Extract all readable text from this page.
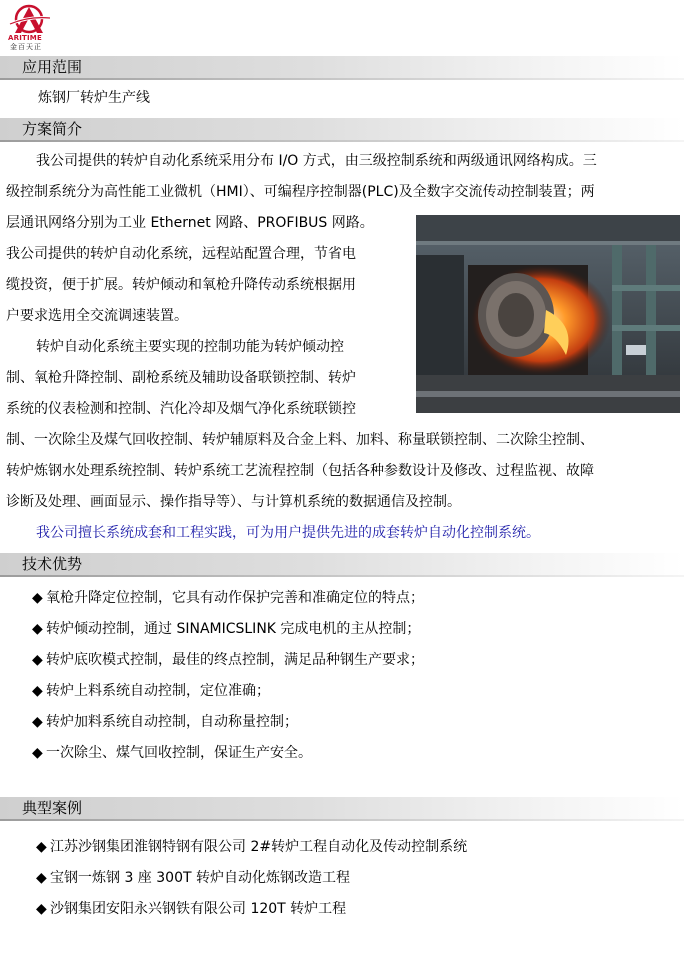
ARITIME
金百天正
应用范围
炼钢厂转炉生产线
方案简介
我公司提供的转炉自动化系统采用分布 I/O 方式，由三级控制系统和两级通讯网络构成。三
级控制系统分为高性能工业微机（HMI）、可编程序控制器(PLC)及全数字交流传动控制装置；两
层通讯网络分别为工业 Ethernet 网路、PROFIBUS 网路。
我公司提供的转炉自动化系统，远程站配置合理，节省电
缆投资，便于扩展。转炉倾动和氧枪升降传动系统根据用
户要求选用全交流调速装置。
转炉自动化系统主要实现的控制功能为转炉倾动控
制、氧枪升降控制、副枪系统及辅助设备联锁控制、转炉
系统的仪表检测和控制、汽化冷却及烟气净化系统联锁控
制、一次除尘及煤气回收控制、转炉辅原料及合金上料、加料、称量联锁控制、二次除尘控制、
转炉炼钢水处理系统控制、转炉系统工艺流程控制（包括各种参数设计及修改、过程监视、故障
诊断及处理、画面显示、操作指导等）、与计算机系统的数据通信及控制。
我公司擅长系统成套和工程实践，可为用户提供先进的成套转炉自动化控制系统。
技术优势
◆ 氧枪升降定位控制，它具有动作保护完善和准确定位的特点；
◆ 转炉倾动控制，通过 SINAMICSLINK 完成电机的主从控制；
◆ 转炉底吹模式控制，最佳的终点控制，满足品种钢生产要求；
◆ 转炉上料系统自动控制，定位准确；
◆ 转炉加料系统自动控制，自动称量控制；
◆ 一次除尘、煤气回收控制，保证生产安全。
典型案例
◆ 江苏沙钢集团淮钢特钢有限公司 2#转炉工程自动化及传动控制系统
◆ 宝钢一炼钢 3 座 300T 转炉自动化炼钢改造工程
◆ 沙钢集团安阳永兴钢铁有限公司 120T 转炉工程
